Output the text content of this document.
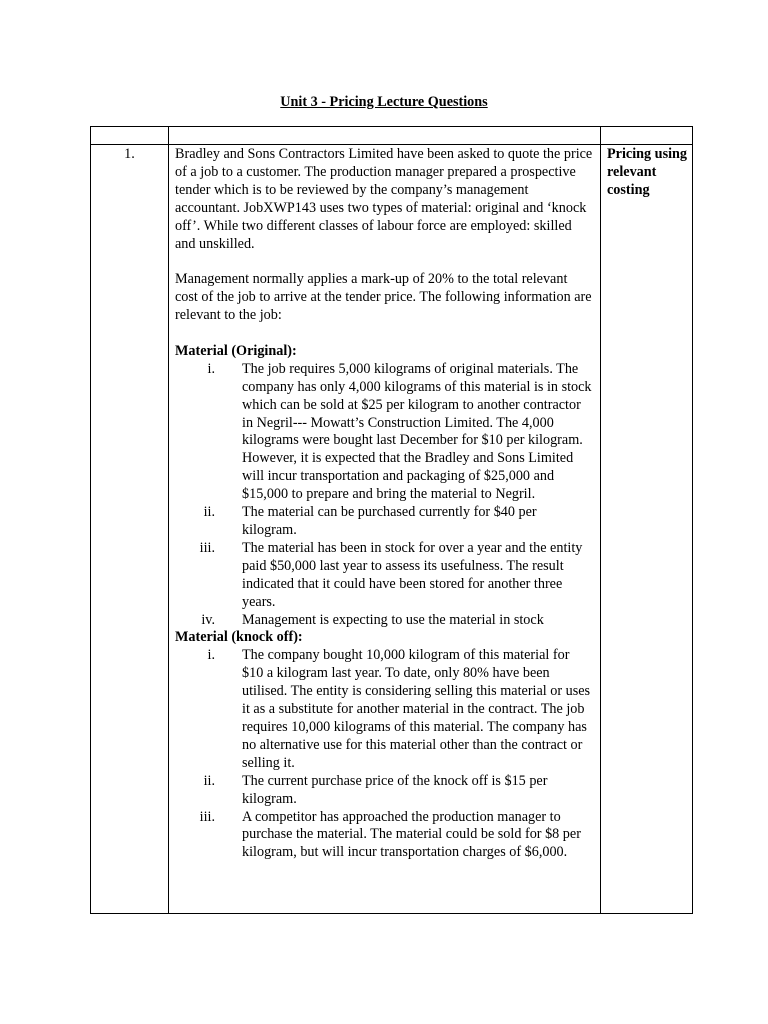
Unit 3 - Pricing Lecture Questions
1.	Bradley and Sons Contractors Limited have been asked to quote the price of a job to a customer. The production manager prepared a prospective tender which is to be reviewed by the company’s management accountant. JobXWP143 uses two types of material: original and ‘knock off’. While two different classes of labour force are employed: skilled and unskilled.

Management normally applies a mark-up of 20% to the total relevant cost of the job to arrive at the tender price. The following information are relevant to the job:

Material (Original):

i. The job requires 5,000 kilograms of original materials. The company has only 4,000 kilograms of this material is in stock which can be sold at $25 per kilogram to another contractor in Negril--- Mowatt’s Construction Limited. The 4,000 kilograms were bought last December for $10 per kilogram. However, it is expected that the Bradley and Sons Limited will incur transportation and packaging of $25,000 and $15,000 to prepare and bring the material to Negril.
ii. The material can be purchased currently for $40 per kilogram.
iii. The material has been in stock for over a year and the entity paid $50,000 last year to assess its usefulness. The result indicated that it could have been stored for another three years.
iv. Management is expecting to use the material in stock

Material (knock off):

i. The company bought 10,000 kilogram of this material for $10 a kilogram last year. To date, only 80% have been utilised. The entity is considering selling this material or uses it as a substitute for another material in the contract. The job requires 10,000 kilograms of this material. The company has no alternative use for this material other than the contract or selling it.
ii. The current purchase price of the knock off is $15 per kilogram.
iii. A competitor has approached the production manager to purchase the material. The material could be sold for $8 per kilogram, but will incur transportation charges of $6,000.
Pricing using relevant costing
